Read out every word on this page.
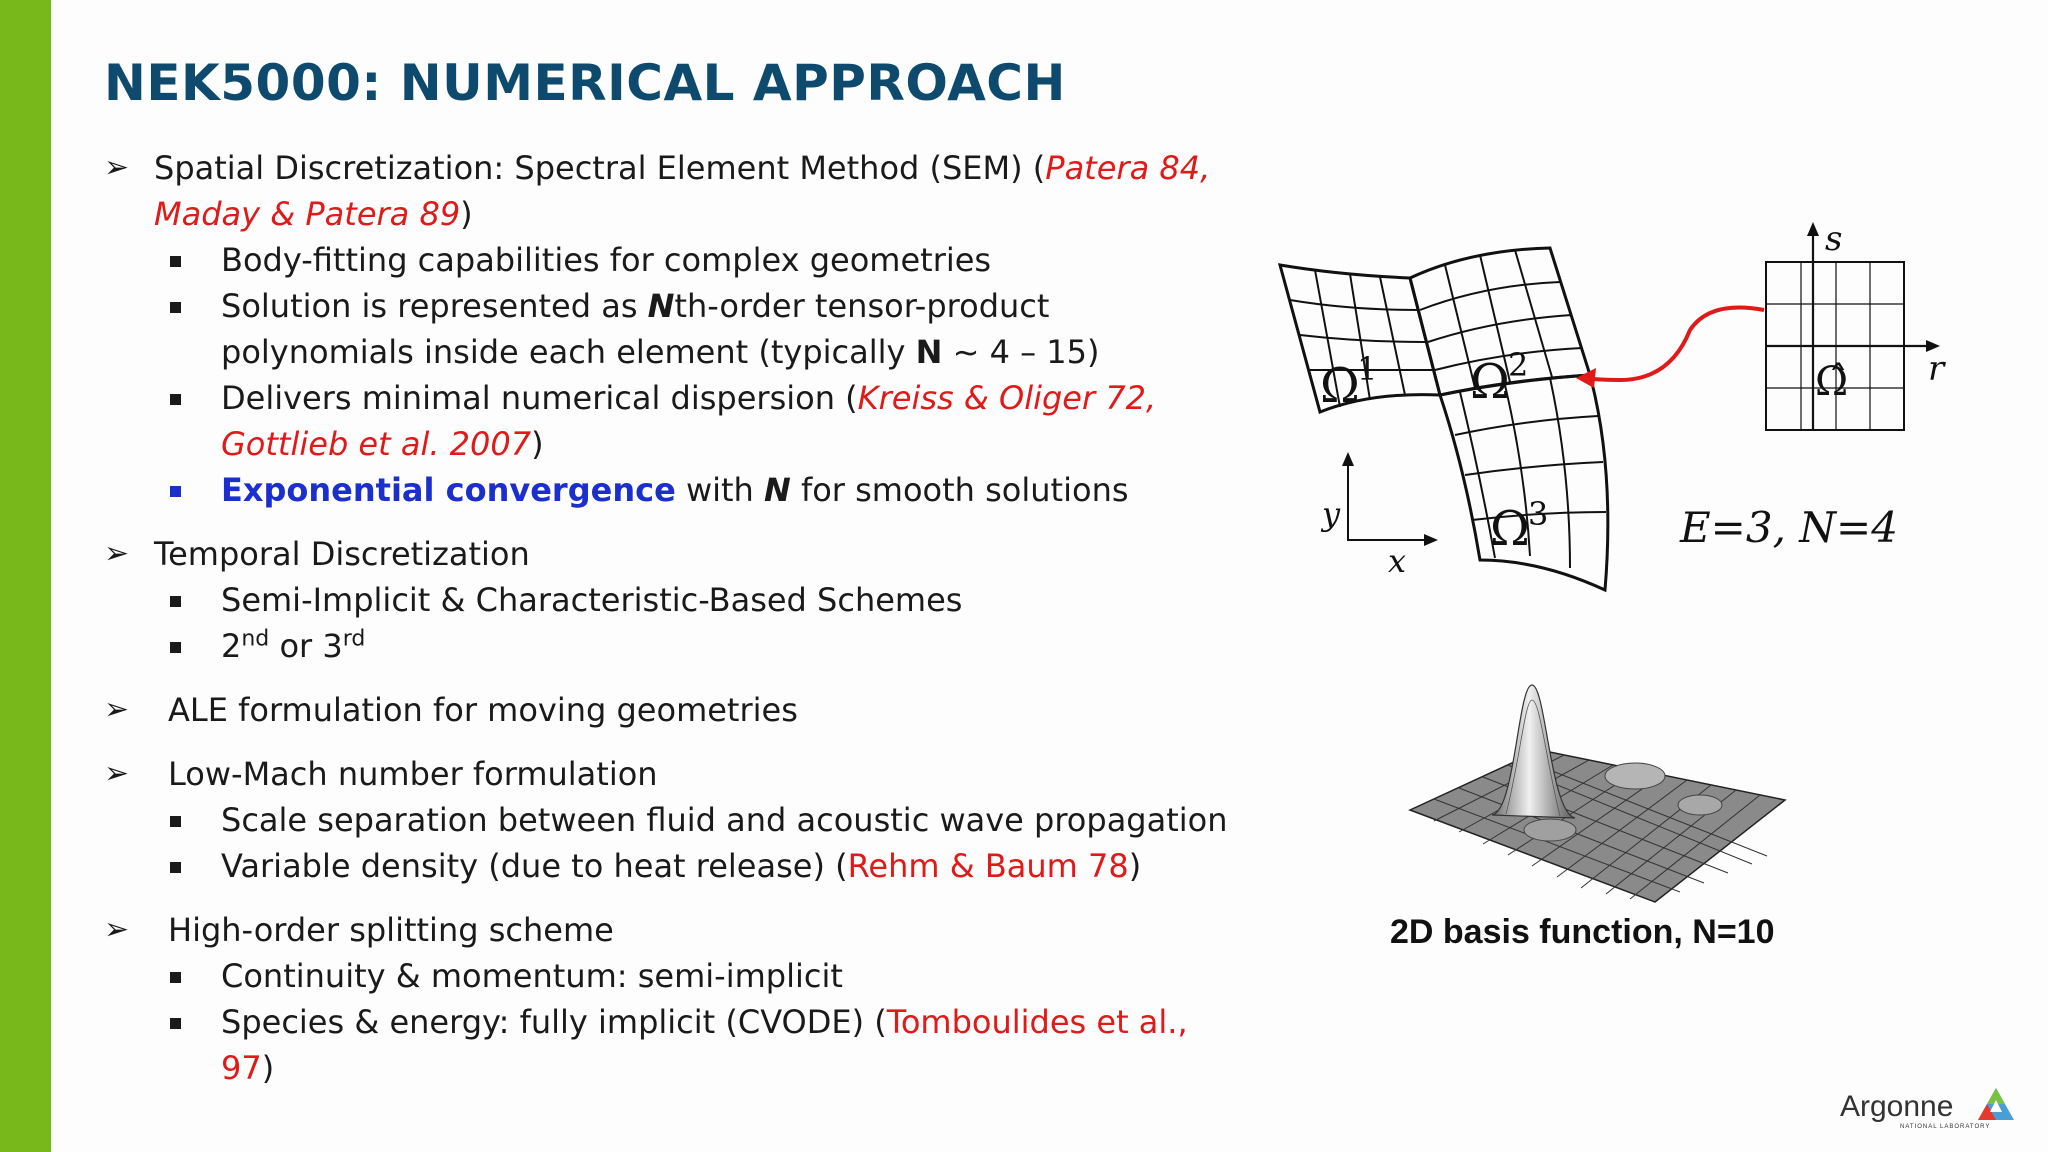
NEK5000: NUMERICAL APPROACH
➢ Spatial Discretization: Spectral Element Method (SEM) (Patera 84,
Maday & Patera 89)
Body-fitting capabilities for complex geometries
Solution is represented as Nth-order tensor-product
polynomials inside each element (typically N ~ 4 – 15)
Delivers minimal numerical dispersion (Kreiss & Oliger 72,
Gottlieb et al. 2007)
Exponential convergence with N for smooth solutions
➢ Temporal Discretization
Semi-Implicit & Characteristic-Based Schemes
2nd or 3rd
➢ ALE formulation for moving geometries
➢ Low-Mach number formulation
Scale separation between fluid and acoustic wave propagation
Variable density (due to heat release) (Rehm & Baum 78)
➢ High-order splitting scheme
Continuity & momentum: semi-implicit
Species & energy: fully implicit (CVODE) (Tomboulides et al., 97)
Ω
1 Ω
2
Ω
3
Ω̂
s
r
y
x
E=3, N=4
2D basis function, N=10
Argonne
NATIONAL LABORATORY
